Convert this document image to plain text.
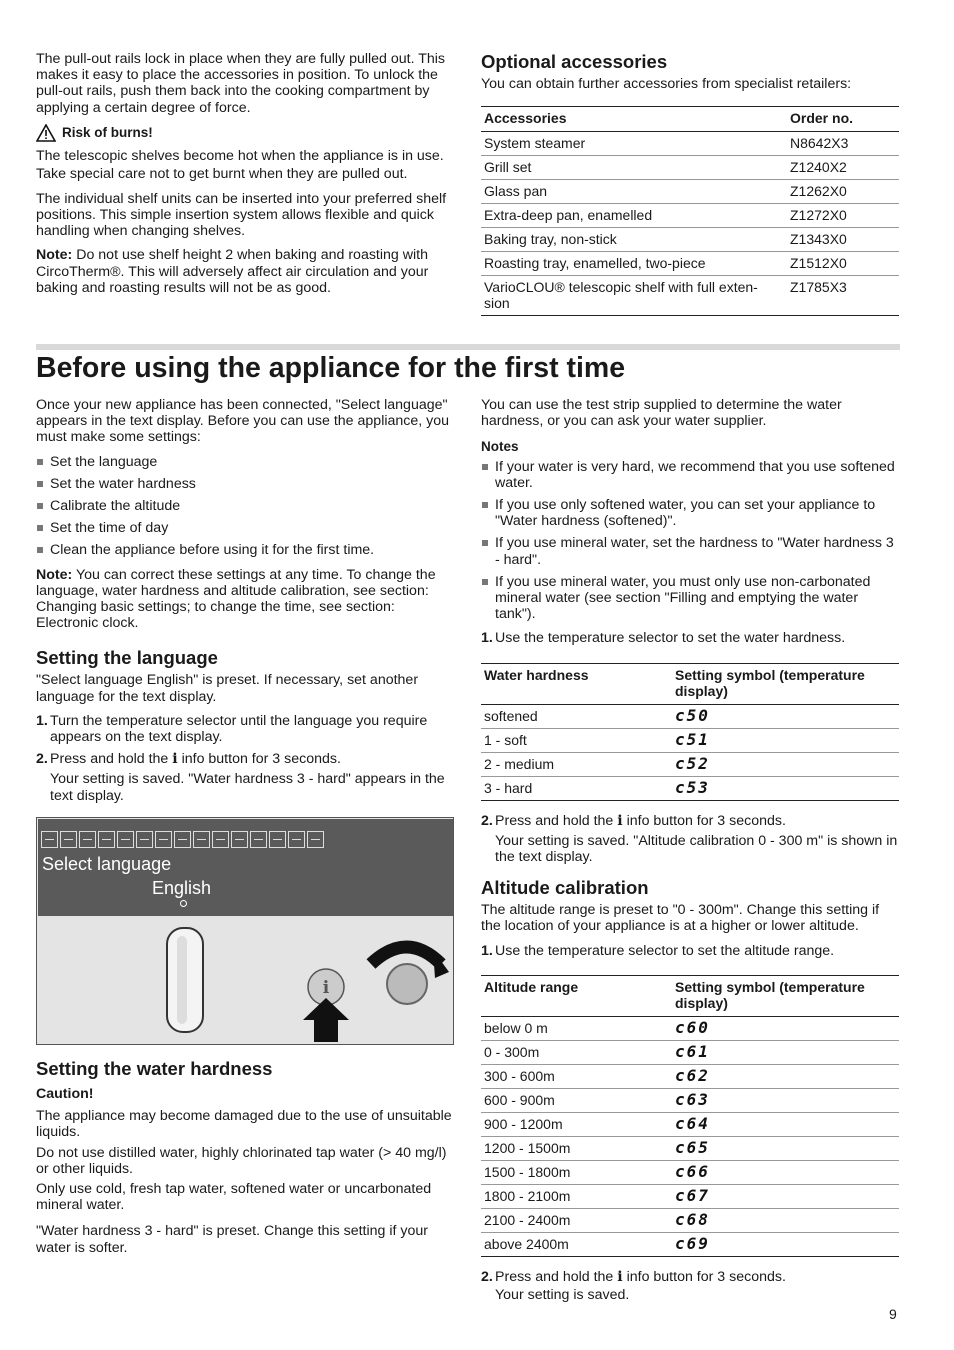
The pull-out rails lock in place when they are fully pulled out. This makes it easy to place the accessories in position. To unlock the pull-out rails, push them back into the cooking compartment by applying a certain degree of force.

Risk of burns!

The telescopic shelves become hot when the appliance is in use. Take special care not to get burnt when they are pulled out.

The individual shelf units can be inserted into your preferred shelf positions. This simple insertion system allows flexible and quick handling when changing shelves.

Note: Do not use shelf height 2 when baking and roasting with CircoTherm®. This will adversely affect air circulation and your baking and roasting results will not be as good.

Optional accessories

You can obtain further accessories from specialist retailers:

Accessories	Order no.
System steamer	N8642X3
Grill set	Z1240X2
Glass pan	Z1262X0
Extra-deep pan, enamelled	Z1272X0
Baking tray, non-stick	Z1343X0
Roasting tray, enamelled, two-piece	Z1512X0
VarioCLOU® telescopic shelf with full exten-sion	Z1785X3
Before using the appliance for the first time

Once your new appliance has been connected, "Select language" appears in the text display. Before you can use the appliance, you must make some settings:

Set the language
Set the water hardness
Calibrate the altitude
Set the time of day
Clean the appliance before using it for the first time.

Note: You can correct these settings at any time. To change the language, water hardness and altitude calibration, see section: Changing basic settings; to change the time, see section: Electronic clock.

Setting the language

"Select language English" is preset. If necessary, set another language for the text display.

1. Turn the temperature selector until the language you require appears on the text display.
2. Press and hold the i info button for 3 seconds.
Your setting is saved. "Water hardness 3 - hard" appears in the text display.
Select language
English
i
Setting the water hardness

Caution!

The appliance may become damaged due to the use of unsuitable liquids.

Do not use distilled water, highly chlorinated tap water (> 40 mg/l) or other liquids.

Only use cold, fresh tap water, softened water or uncarbonated mineral water.

"Water hardness 3 - hard" is preset. Change this setting if your water is softer.

You can use the test strip supplied to determine the water hardness, or you can ask your water supplier.

Notes

If your water is very hard, we recommend that you use softened water.
If you use only softened water, you can set your appliance to "Water hardness (softened)".
If you use mineral water, set the hardness to "Water hardness 3 - hard".
If you use mineral water, you must only use non-carbonated mineral water (see section "Filling and emptying the water tank").
1. Use the temperature selector to set the water hardness.
Water hardness	Setting symbol (temperature display)
softened	c50
1 - soft	c51
2 - medium	c52
3 - hard	c53
2. Press and hold the i info button for 3 seconds.
Your setting is saved. "Altitude calibration 0 - 300 m" is shown in the text display.
Altitude calibration

The altitude range is preset to "0 - 300m". Change this setting if the location of your appliance is at a higher or lower altitude.

1. Use the temperature selector to set the altitude range.
Altitude range	Setting symbol (temperature display)
below 0 m	c60
0 - 300m	c61
300 - 600m	c62
600 - 900m	c63
900 - 1200m	c64
1200 - 1500m	c65
1500 - 1800m	c66
1800 - 2100m	c67
2100 - 2400m	c68
above 2400m	c69
2. Press and hold the i info button for 3 seconds.
Your setting is saved.
9
